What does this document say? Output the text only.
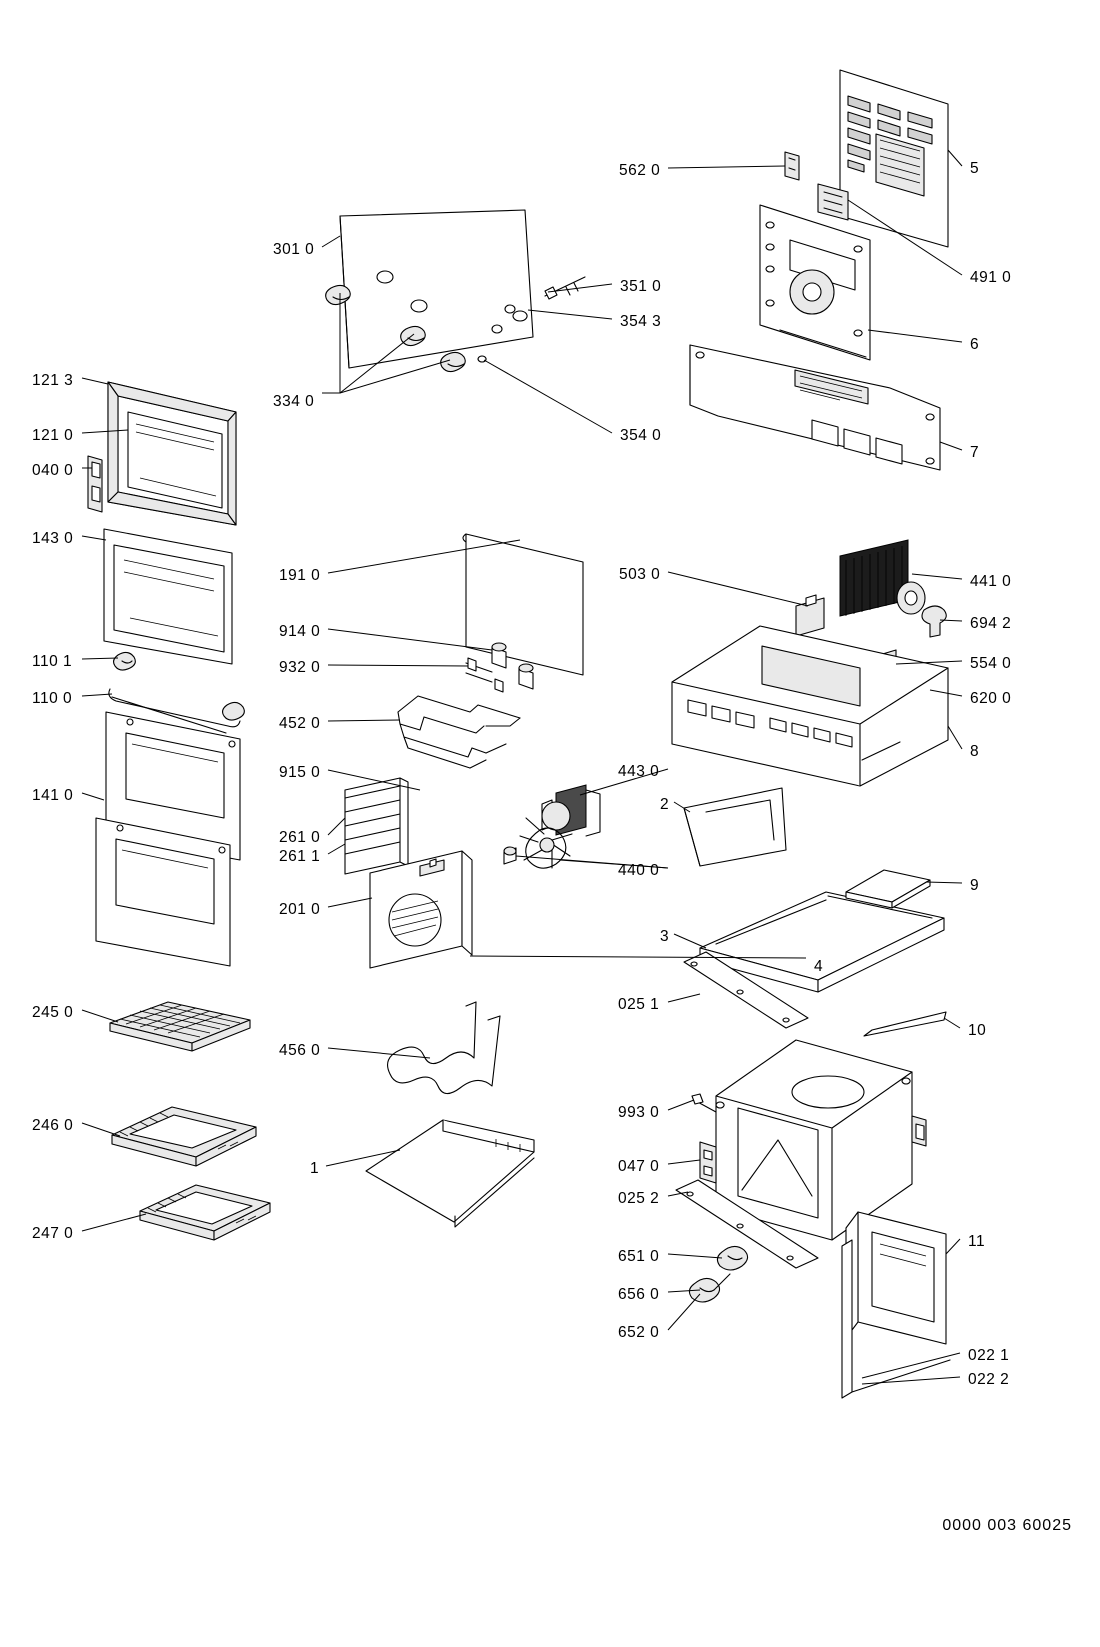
121 3
121 0
040 0
143 0
110 1
110 0
141 0
245 0
246 0
247 0
301 0
334 0
191 0
914 0
932 0
452 0
915 0
261 0
261 1
201 0
456 0
1
562 0
503 0
443 0
440 0
2
3
025 1
4
993 0
047 0
025 2
651 0
656 0
652 0
351 0
354 3
354 0
5
491 0
6
7
441 0
694 2
554 0
620 0
8
9
10
11
022 1
022 2
0000 003 60025
